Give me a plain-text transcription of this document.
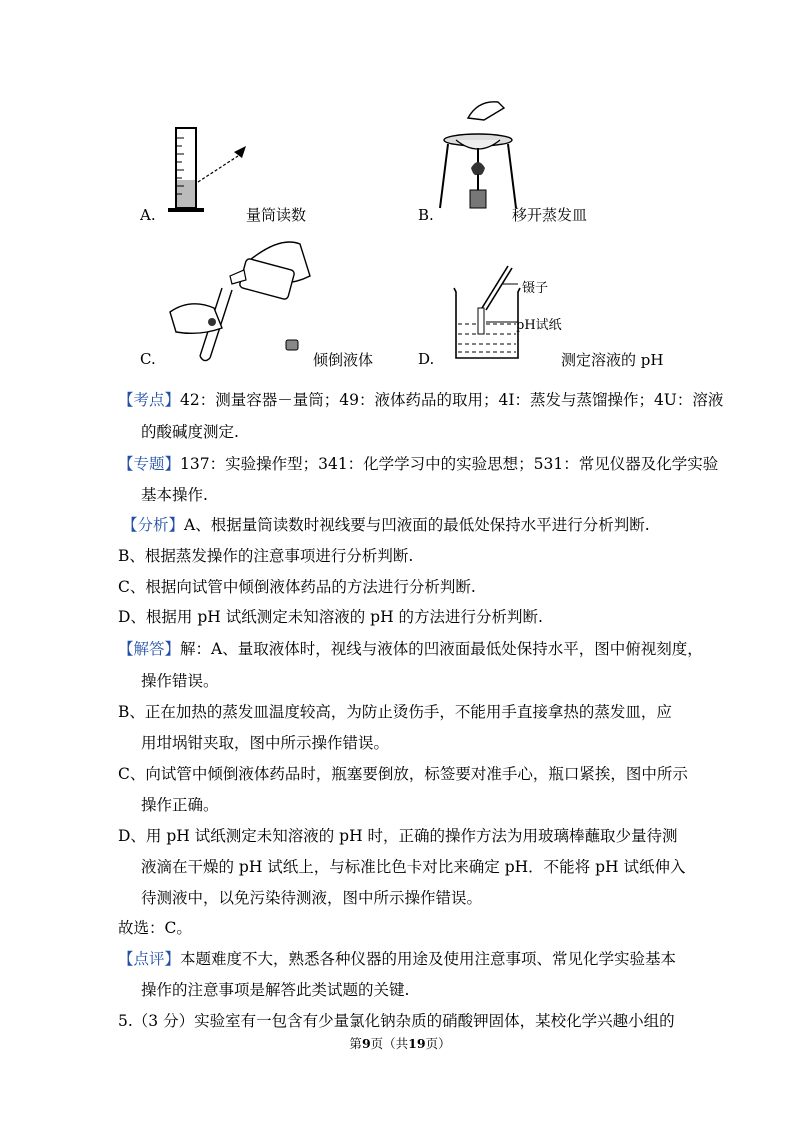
A.	量筒读数	B.	移开蒸发皿
C.	倾倒液体
镊子
pH试纸
D.	测定溶液的 pH
【考点】42：测量容器－量筒；49：液体药品的取用；4I：蒸发与蒸馏操作；4U：溶液
的酸碱度测定.
【专题】137：实验操作型；341：化学学习中的实验思想；531：常见仪器及化学实验
基本操作.
【分析】A、根据量筒读数时视线要与凹液面的最低处保持水平进行分析判断.
B、根据蒸发操作的注意事项进行分析判断.
C、根据向试管中倾倒液体药品的方法进行分析判断.
D、根据用 pH 试纸测定未知溶液的 pH 的方法进行分析判断.
【解答】解：A、量取液体时，视线与液体的凹液面最低处保持水平，图中俯视刻度，
操作错误。
B、正在加热的蒸发皿温度较高，为防止烫伤手，不能用手直接拿热的蒸发皿，应
用坩埚钳夹取，图中所示操作错误。
C、向试管中倾倒液体药品时，瓶塞要倒放，标签要对准手心，瓶口紧挨，图中所示
操作正确。
D、用 pH 试纸测定未知溶液的 pH 时，正确的操作方法为用玻璃棒蘸取少量待测
液滴在干燥的 pH 试纸上，与标准比色卡对比来确定 pH．不能将 pH 试纸伸入
待测液中，以免污染待测液，图中所示操作错误。
故选：C。
【点评】本题难度不大，熟悉各种仪器的用途及使用注意事项、常见化学实验基本
操作的注意事项是解答此类试题的关键.
5.（3 分）实验室有一包含有少量氯化钠杂质的硝酸钾固体，某校化学兴趣小组的
第9页（共19页）
